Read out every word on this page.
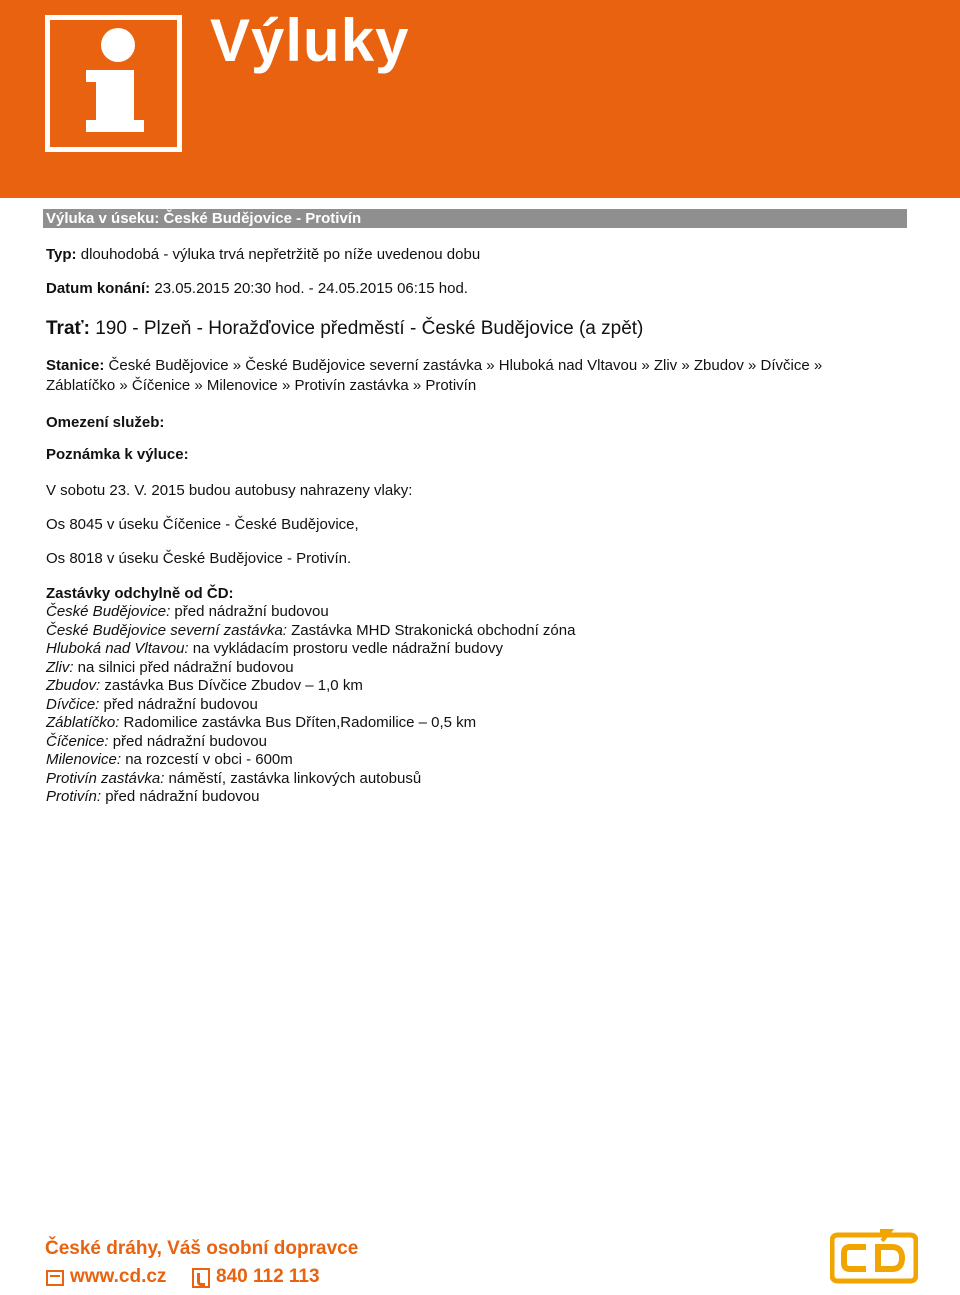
Výluky
Výluka v úseku: České Budějovice - Protivín
Typ: dlouhodobá - výluka trvá nepřetržitě po níže uvedenou dobu
Datum konání: 23.05.2015 20:30 hod. - 24.05.2015 06:15 hod.
Trať: 190 - Plzeň - Horažďovice předměstí - České Budějovice (a zpět)
Stanice: České Budějovice » České Budějovice severní zastávka » Hluboká nad Vltavou » Zliv » Zbudov » Dívčice »
Záblatíčko » Číčenice » Milenovice » Protivín zastávka » Protivín
Omezení služeb:
Poznámka k výluce:
V sobotu 23. V. 2015 budou autobusy nahrazeny vlaky:
Os 8045 v úseku Číčenice - České Budějovice,
Os 8018 v úseku České Budějovice - Protivín.
Zastávky odchylně od ČD:
České Budějovice: před nádražní budovou
České Budějovice severní zastávka: Zastávka MHD Strakonická obchodní zóna
Hluboká nad Vltavou: na vykládacím prostoru vedle nádražní budovy
Zliv: na silnici před nádražní budovou
Zbudov: zastávka Bus Dívčice Zbudov – 1,0 km
Dívčice: před nádražní budovou
Záblatíčko: Radomilice zastávka Bus Dříten,Radomilice – 0,5 km
Číčenice: před nádražní budovou
Milenovice: na rozcestí v obci - 600m
Protivín zastávka: náměstí, zastávka linkových autobusů
Protivín: před nádražní budovou
České dráhy, Váš osobní dopravce
www.cd.cz	840 112 113
